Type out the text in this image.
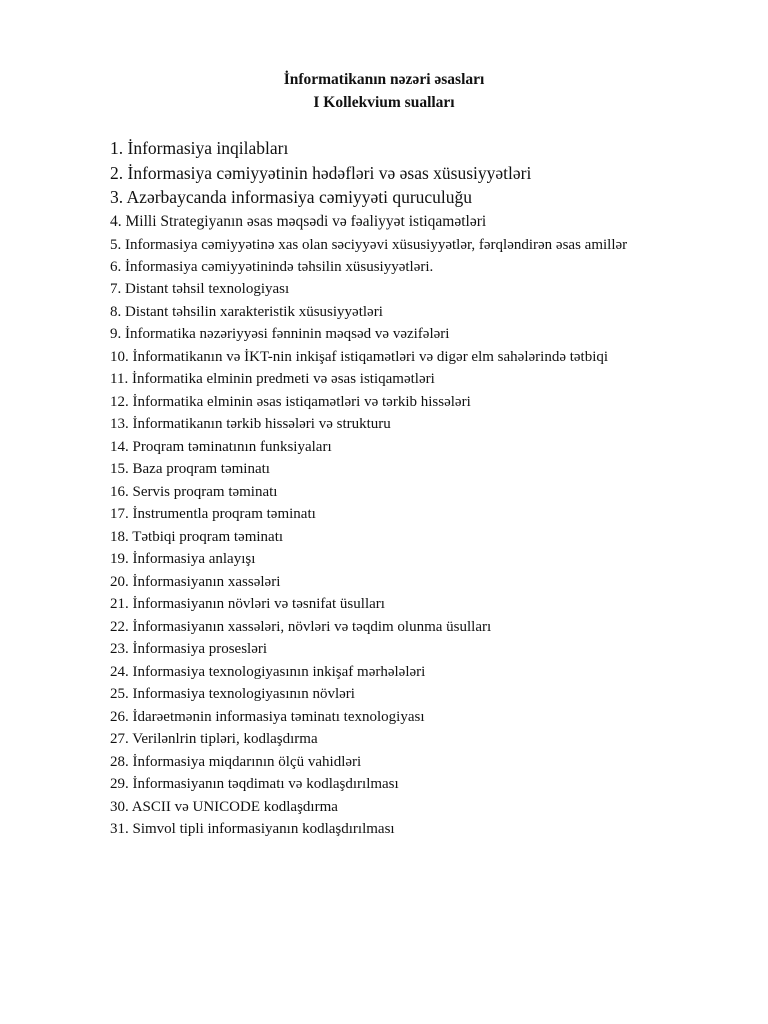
İnformatikanın nəzəri əsasları
I Kollekvium sualları
1. İnformasiya inqilabları
2. İnformasiya cəmiyyətinin hədəfləri və əsas xüsusiyyətləri
3. Azərbaycanda informasiya cəmiyyəti quruculuğu
4. Milli Strategiyanın əsas məqsədi və fəaliyyət istiqamətləri
5. Informasiya cəmiyyətinə xas olan səciyyəvi xüsusiyyətlər, fərqləndirən əsas amillər
6. İnformasiya cəmiyyətinində təhsilin xüsusiyyətləri.
7. Distant təhsil texnologiyası
8. Distant təhsilin xarakteristik xüsusiyyətləri
9. İnformatika nəzəriyyəsi fənninin məqsəd və vəzifələri
10. İnformatikanın və İKT-nin inkişaf istiqamətləri və digər elm sahələrində tətbiqi
11. İnformatika elminin predmeti və əsas istiqamətləri
12. İnformatika elminin əsas istiqamətləri və tərkib hissələri
13. İnformatikanın tərkib hissələri və strukturu
14. Proqram təminatının funksiyaları
15. Baza proqram təminatı
16. Servis proqram təminatı
17. İnstrumentla proqram təminatı
18. Tətbiqi proqram təminatı
19. İnformasiya anlayışı
20. İnformasiyanın xassələri
21. İnformasiyanın növləri və təsnifat üsulları
22. İnformasiyanın xassələri, növləri və təqdim olunma üsulları
23. İnformasiya prosesləri
24. Informasiya texnologiyasının inkişaf mərhələləri
25. Informasiya texnologiyasının növləri
26. İdarəetmənin informasiya təminatı texnologiyası
27. Verilənlrin tipləri, kodlaşdırma
28. İnformasiya miqdarının ölçü vahidləri
29. İnformasiyanın təqdimatı və kodlaşdırılması
30. ASCII və UNICODE kodlaşdırma
31. Simvol tipli informasiyanın kodlaşdırılması
